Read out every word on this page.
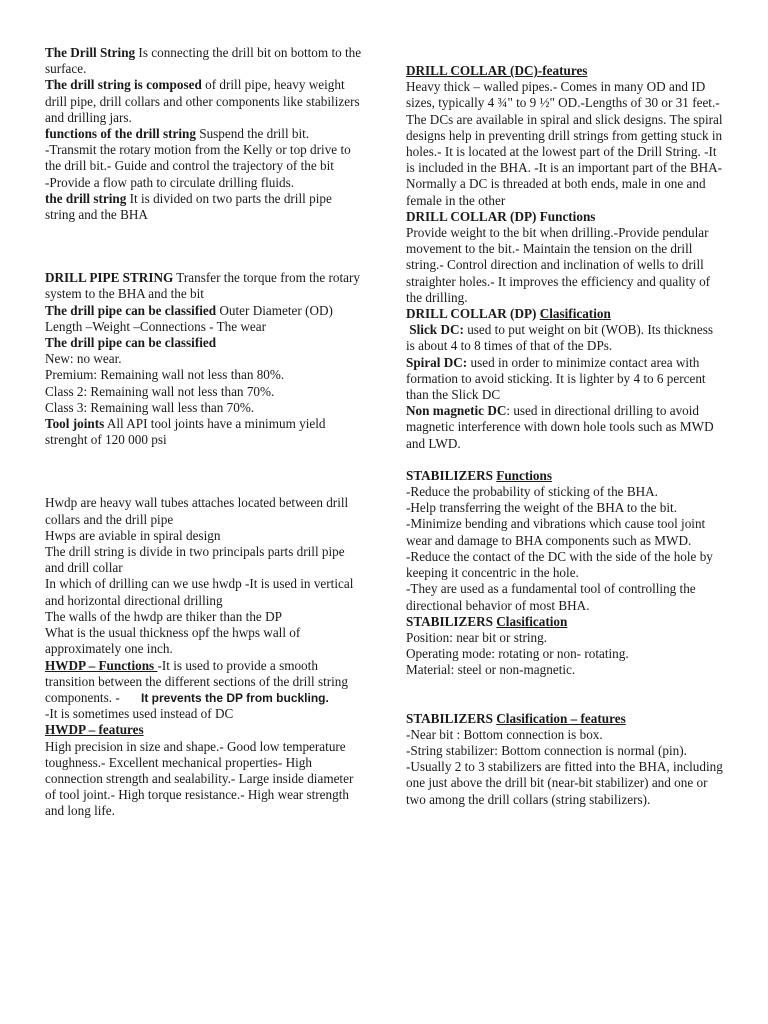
The Drill String Is connecting the drill bit on bottom to the surface.

The drill string is composed of drill pipe, heavy weight drill pipe, drill collars and other components like stabilizers and drilling jars.

functions of the drill string Suspend the drill bit.

-Transmit the rotary motion from the Kelly or top drive to the drill bit.- Guide and control the trajectory of the bit

-Provide a flow path to circulate drilling fluids.

the drill string It is divided on two parts the drill pipe string and the BHA

DRILL PIPE STRING Transfer the torque from the rotary system to the BHA and the bit

The drill pipe can be classified Outer Diameter (OD) Length –Weight –Connections - The wear

The drill pipe can be classified

New: no wear.

Premium: Remaining wall not less than 80%.

Class 2: Remaining wall not less than 70%.

Class 3: Remaining wall less than 70%.

Tool joints All API tool joints have a minimum yield strenght of 120 000 psi

Hwdp are heavy wall tubes attaches located between drill collars and the drill pipe

Hwps are aviable in spiral design

The drill string is divide in two principals parts drill pipe and drill collar

In which of drilling can we use hwdp -It is used in vertical and horizontal directional drilling

The walls of the hwdp are thiker than the DP

What is the usual thickness opf the hwps wall of approximately one inch.

HWDP – Functions -It is used to provide a smooth transition between the different sections of the drill string components. - It prevents the DP from buckling.

-It is sometimes used instead of DC

HWDP – features

High precision in size and shape.- Good low temperature toughness.- Excellent mechanical properties- High connection strength and sealability.- Large inside diameter of tool joint.- High torque resistance.- High wear strength and long life.

DRILL COLLAR (DC)-features

Heavy thick – walled pipes.- Comes in many OD and ID sizes, typically 4 ¾" to 9 ½" OD.-Lengths of 30 or 31 feet.- The DCs are available in spiral and slick designs. The spiral designs help in preventing drill strings from getting stuck in holes.- It is located at the lowest part of the Drill String. -It is included in the BHA. -It is an important part of the BHA-Normally a DC is threaded at both ends, male in one and female in the other

DRILL COLLAR (DP) Functions

Provide weight to the bit when drilling.-Provide pendular movement to the bit.- Maintain the tension on the drill string.- Control direction and inclination of wells to drill straighter holes.- It improves the efficiency and quality of the drilling.

DRILL COLLAR (DP) Clasification

Slick DC: used to put weight on bit (WOB). Its thickness is about 4 to 8 times of that of the DPs.

Spiral DC: used in order to minimize contact area with formation to avoid sticking. It is lighter by 4 to 6 percent than the Slick DC

Non magnetic DC: used in directional drilling to avoid magnetic interference with down hole tools such as MWD and LWD.

STABILIZERS Functions

-Reduce the probability of sticking of the BHA.

-Help transferring the weight of the BHA to the bit.

-Minimize bending and vibrations which cause tool joint wear and damage to BHA components such as MWD.

-Reduce the contact of the DC with the side of the hole by keeping it concentric in the hole.

-They are used as a fundamental tool of controlling the directional behavior of most BHA.

STABILIZERS Clasification

Position: near bit or string.

Operating mode: rotating or non- rotating.

Material: steel or non-magnetic.

STABILIZERS Clasification – features

-Near bit : Bottom connection is box.

-String stabilizer: Bottom connection is normal (pin).

-Usually 2 to 3 stabilizers are fitted into the BHA, including one just above the drill bit (near-bit stabilizer) and one or two among the drill collars (string stabilizers).
